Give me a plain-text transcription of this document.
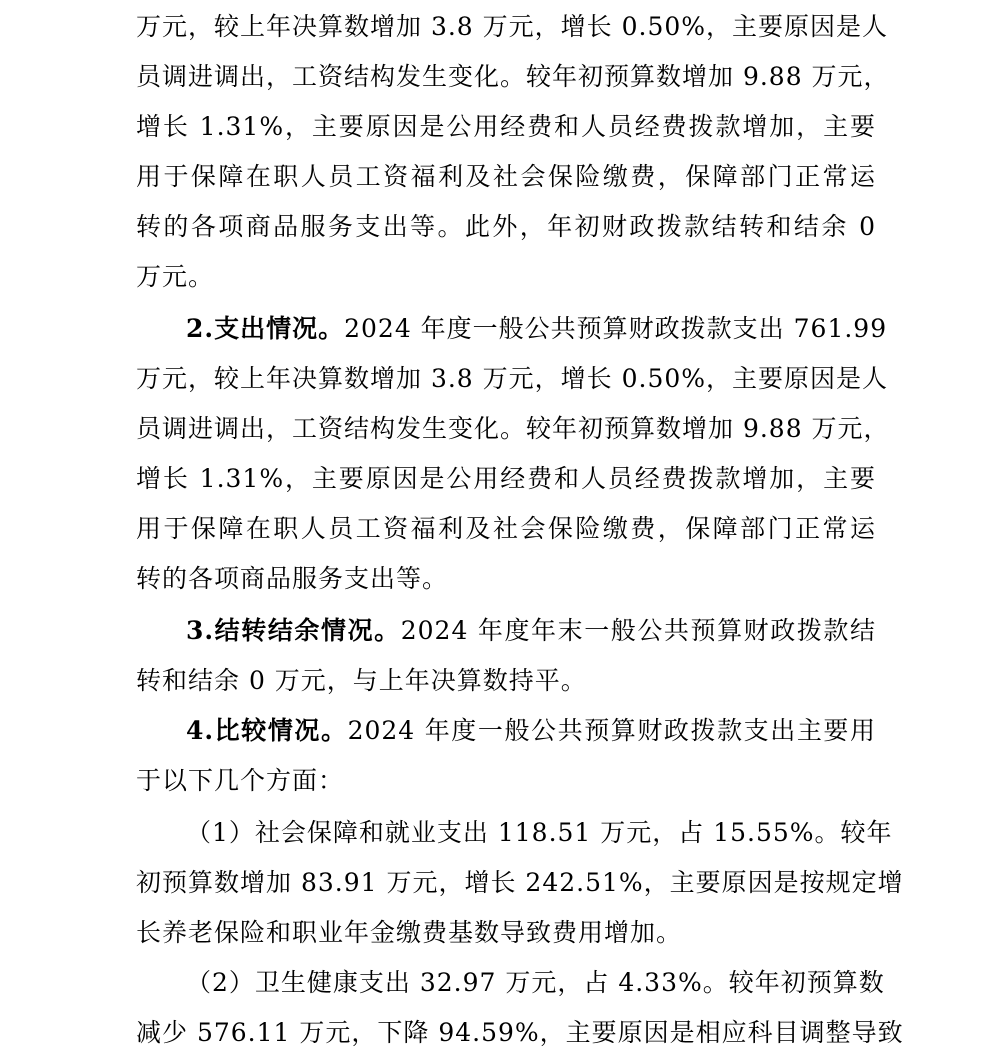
万元，较上年决算数增加 3.8 万元，增长 0.50%，主要原因是人
员调进调出，工资结构发生变化。较年初预算数增加 9.88 万元，
增长 1.31%，主要原因是公用经费和人员经费拨款增加，主要
用于保障在职人员工资福利及社会保险缴费，保障部门正常运
转的各项商品服务支出等。此外，年初财政拨款结转和结余 0
万元。
2.支出情况。2024 年度一般公共预算财政拨款支出 761.99
万元，较上年决算数增加 3.8 万元，增长 0.50%，主要原因是人
员调进调出，工资结构发生变化。较年初预算数增加 9.88 万元，
增长 1.31%，主要原因是公用经费和人员经费拨款增加，主要
用于保障在职人员工资福利及社会保险缴费，保障部门正常运
转的各项商品服务支出等。
3.结转结余情况。2024 年度年末一般公共预算财政拨款结
转和结余 0 万元，与上年决算数持平。
4.比较情况。2024 年度一般公共预算财政拨款支出主要用
于以下几个方面：
（1）社会保障和就业支出 118.51 万元，占 15.55%。较年
初预算数增加 83.91 万元，增长 242.51%，主要原因是按规定增
长养老保险和职业年金缴费基数导致费用增加。
（2）卫生健康支出 32.97 万元，占 4.33%。较年初预算数
减少 576.11 万元，下降 94.59%，主要原因是相应科目调整导致
